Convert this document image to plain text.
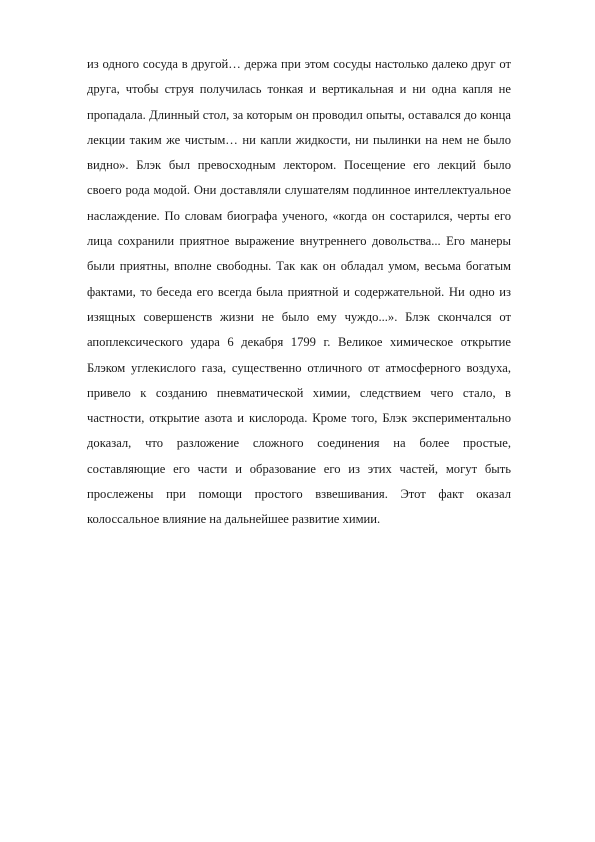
из одного сосуда в другой… держа при этом сосуды настолько далеко друг от
друга, чтобы струя получилась тонкая и вертикальная и ни одна капля не
пропадала. Длинный стол, за которым он проводил опыты, оставался до конца
лекции таким же чистым… ни капли жидкости, ни пылинки на нем не было
видно». Блэк был превосходным лектором. Посещение его лекций было
своего рода модой. Они доставляли слушателям подлинное интеллектуальное
наслаждение. По словам биографа ученого, «когда он состарился, черты его
лица сохранили приятное выражение внутреннего довольства... Его манеры
были приятны, вполне свободны. Так как он обладал умом, весьма богатым
фактами, то беседа его всегда была приятной и содержательной. Ни одно из
изящных совершенств жизни не было ему чуждо...». Блэк скончался от
апоплексического удара 6 декабря 1799 г. Великое химическое открытие
Блэком углекислого газа, существенно отличного от атмосферного воздуха,
привело к созданию пневматической химии, следствием чего стало, в
частности, открытие азота и кислорода. Кроме того, Блэк экспериментально
доказал, что разложение сложного соединения на более простые,
составляющие его части и образование его из этих частей, могут быть
прослежены при помощи простого взвешивания. Этот факт оказал
колоссальное влияние на дальнейшее развитие химии.
